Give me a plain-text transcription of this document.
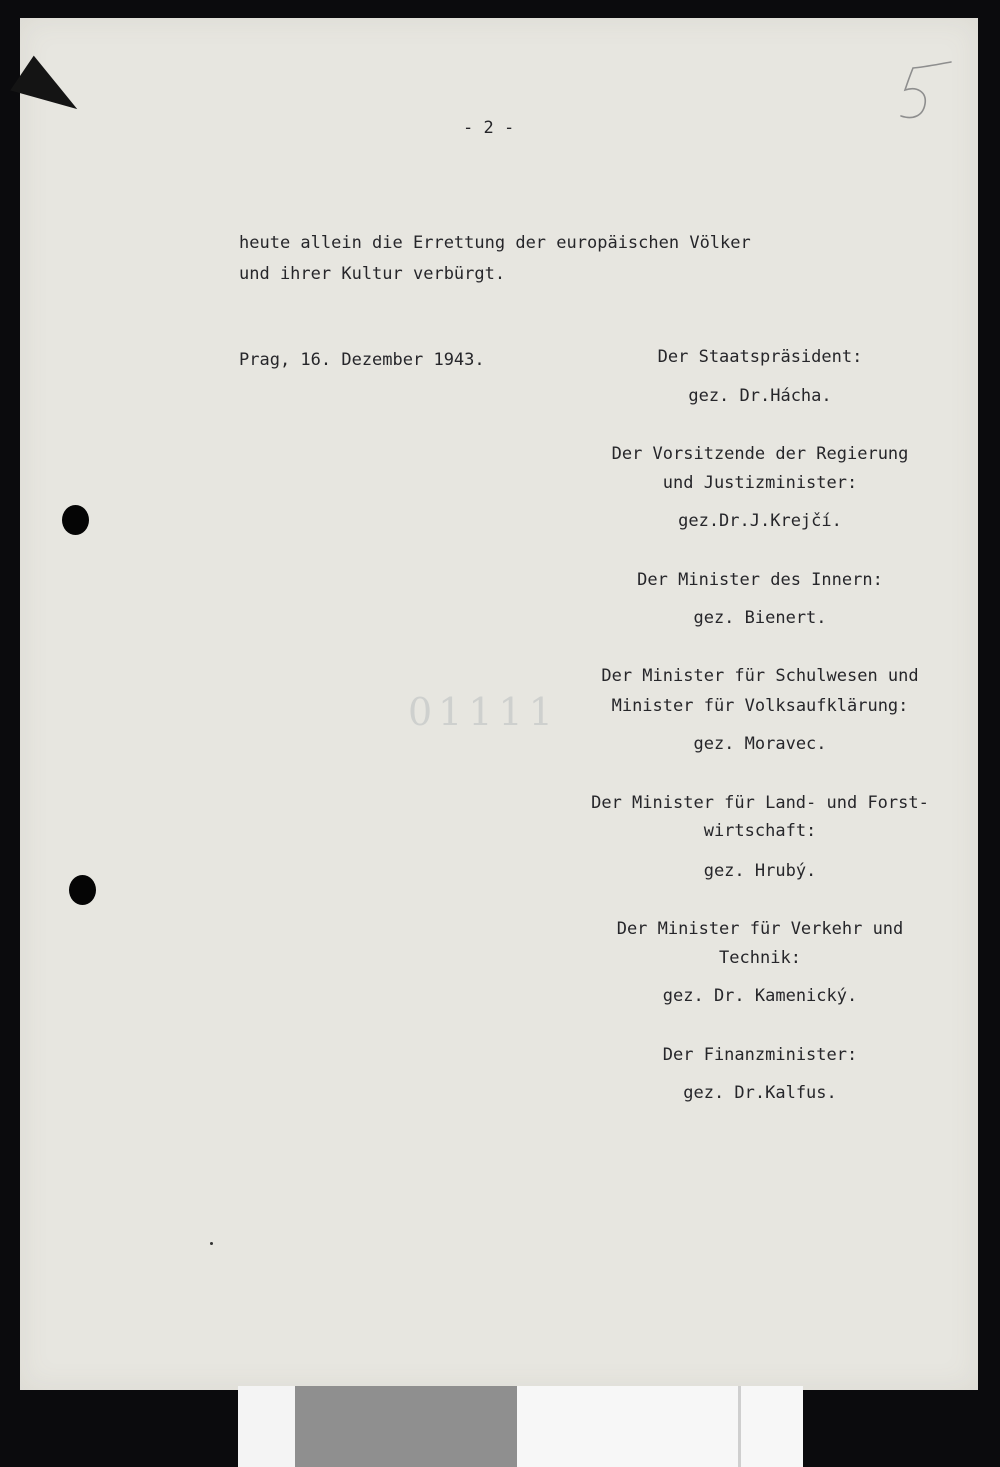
01111
- 2 -
heute allein die Errettung der europäischen Völker
und ihrer Kultur verbürgt.
Prag, 16. Dezember 1943.	Der Staatspräsident:
gez. Dr.Hácha.
Der Vorsitzende der Regierung
und Justizminister:
gez.Dr.J.Krejčí.
Der Minister des Innern:
gez. Bienert.
Der Minister für Schulwesen und
Minister für Volksaufklärung:
gez. Moravec.
Der Minister für Land- und Forst-
wirtschaft:
gez. Hrubý.
Der Minister für Verkehr und
Technik:
gez. Dr. Kamenický.
Der Finanzminister:
gez. Dr.Kalfus.
